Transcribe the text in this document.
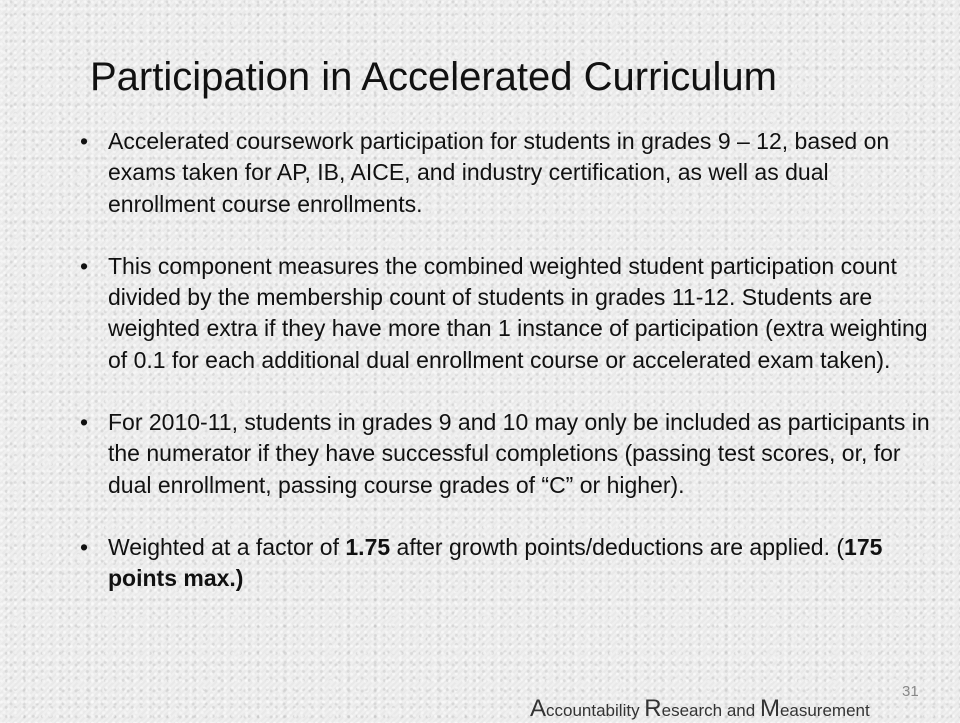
Participation in Accelerated Curriculum
• Accelerated coursework participation for students in grades 9 – 12, based on exams taken for AP, IB, AICE, and industry certification, as well as dual enrollment course enrollments.
• This component measures the combined weighted student participation count divided by the membership count of students in grades 11-12. Students are weighted extra if they have more than 1 instance of participation (extra weighting of 0.1 for each additional dual enrollment course or accelerated exam taken).
• For 2010-11, students in grades 9 and 10 may only be included as participants in the numerator if they have successful completions (passing test scores, or, for dual enrollment, passing course grades of “C” or higher).
• Weighted at a factor of 1.75 after growth points/deductions are applied. (175 points max.)
31
Accountability Research and Measurement
